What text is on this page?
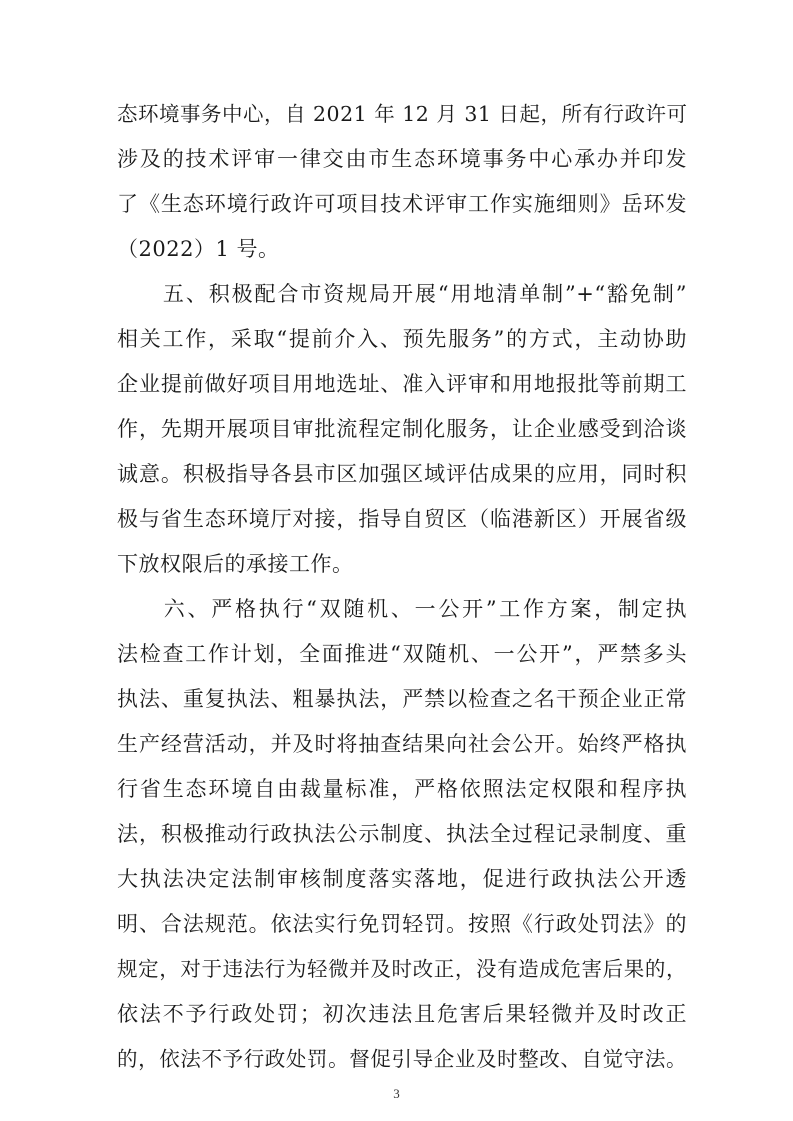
态环境事务中心，自 2021 年 12 月 31 日起，所有行政许可
涉及的技术评审一律交由市生态环境事务中心承办并印发
了《生态环境行政许可项目技术评审工作实施细则》岳环发
（2022）1 号。
　五、积极配合市资规局开展“用地清单制”+“豁免制”
相关工作，采取“提前介入、预先服务”的方式，主动协助
企业提前做好项目用地选址、准入评审和用地报批等前期工
作，先期开展项目审批流程定制化服务，让企业感受到洽谈
诚意。积极指导各县市区加强区域评估成果的应用，同时积
极与省生态环境厅对接，指导自贸区（临港新区）开展省级
下放权限后的承接工作。
　六、严格执行“双随机、一公开”工作方案，制定执
法检查工作计划，全面推进“双随机、一公开”，严禁多头
执法、重复执法、粗暴执法，严禁以检查之名干预企业正常
生产经营活动，并及时将抽查结果向社会公开。始终严格执
行省生态环境自由裁量标准，严格依照法定权限和程序执
法，积极推动行政执法公示制度、执法全过程记录制度、重
大执法决定法制审核制度落实落地，促进行政执法公开透
明、合法规范。依法实行免罚轻罚。按照《行政处罚法》的
规定，对于违法行为轻微并及时改正，没有造成危害后果的，
依法不予行政处罚；初次违法且危害后果轻微并及时改正
的，依法不予行政处罚。督促引导企业及时整改、自觉守法。
3
